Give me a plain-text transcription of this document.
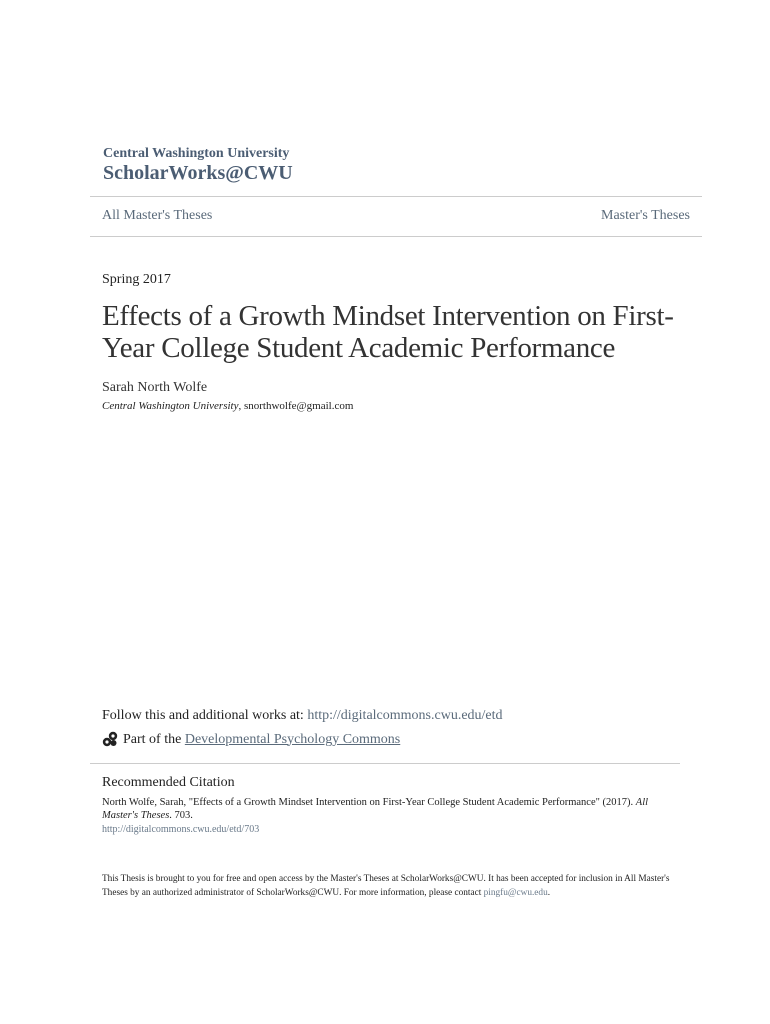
Central Washington University
ScholarWorks@CWU
All Master's Theses	Master's Theses
Spring 2017
Effects of a Growth Mindset Intervention on First-Year College Student Academic Performance
Sarah North Wolfe
Central Washington University, snorthwolfe@gmail.com
Follow this and additional works at: http://digitalcommons.cwu.edu/etd
Part of the Developmental Psychology Commons
Recommended Citation
North Wolfe, Sarah, "Effects of a Growth Mindset Intervention on First-Year College Student Academic Performance" (2017). All Master's Theses. 703.
http://digitalcommons.cwu.edu/etd/703
This Thesis is brought to you for free and open access by the Master's Theses at ScholarWorks@CWU. It has been accepted for inclusion in All Master's Theses by an authorized administrator of ScholarWorks@CWU. For more information, please contact pingfu@cwu.edu.
